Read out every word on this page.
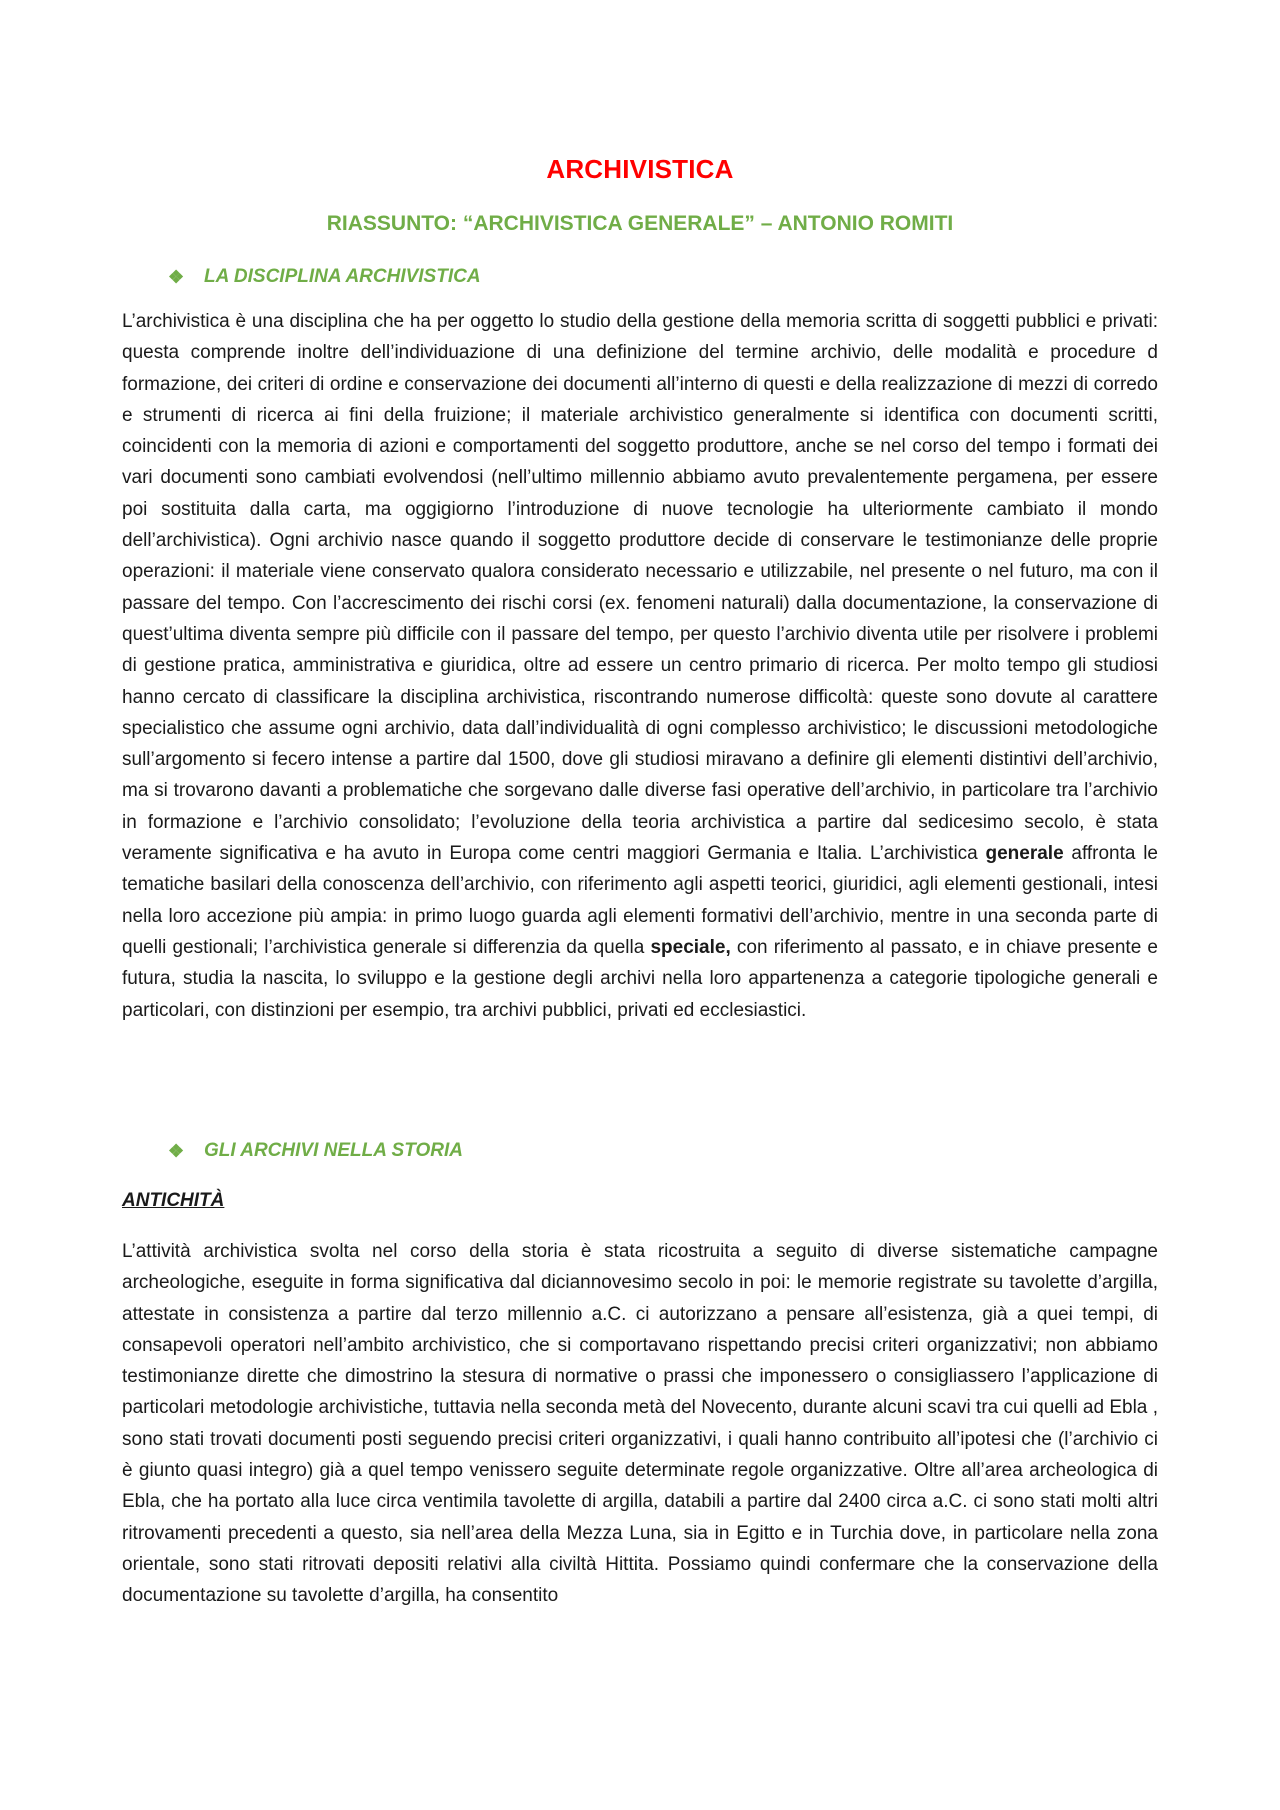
ARCHIVISTICA
RIASSUNTO: “ARCHIVISTICA GENERALE” – ANTONIO ROMITI
❖	LA DISCIPLINA ARCHIVISTICA

L’archivistica è una disciplina che ha per oggetto lo studio della gestione della memoria scritta di soggetti pubblici e privati: questa comprende inoltre dell’individuazione di una definizione del termine archivio, delle modalità e procedure d formazione, dei criteri di ordine e conservazione dei documenti all’interno di questi e della realizzazione di mezzi di corredo e strumenti di ricerca ai fini della fruizione; il materiale archivistico generalmente si identifica con documenti scritti, coincidenti con la memoria di azioni e comportamenti del soggetto produttore, anche se nel corso del tempo i formati dei vari documenti sono cambiati evolvendosi (nell’ultimo millennio abbiamo avuto prevalentemente pergamena, per essere poi sostituita dalla carta, ma oggigiorno l’introduzione di nuove tecnologie ha ulteriormente cambiato il mondo dell’archivistica). Ogni archivio nasce quando il soggetto produttore decide di conservare le testimonianze delle proprie operazioni: il materiale viene conservato qualora considerato necessario e utilizzabile, nel presente o nel futuro, ma con il passare del tempo. Con l’accrescimento dei rischi corsi (ex. fenomeni naturali) dalla documentazione, la conservazione di quest’ultima diventa sempre più difficile con il passare del tempo, per questo l’archivio diventa utile per risolvere i problemi di gestione pratica, amministrativa e giuridica, oltre ad essere un centro primario di ricerca. Per molto tempo gli studiosi hanno cercato di classificare la disciplina archivistica, riscontrando numerose difficoltà: queste sono dovute al carattere specialistico che assume ogni archivio, data dall’individualità di ogni complesso archivistico; le discussioni metodologiche sull’argomento si fecero intense a partire dal 1500, dove gli studiosi miravano a definire gli elementi distintivi dell’archivio, ma si trovarono davanti a problematiche che sorgevano dalle diverse fasi operative dell’archivio, in particolare tra l’archivio in formazione e l’archivio consolidato; l’evoluzione della teoria archivistica a partire dal sedicesimo secolo, è stata veramente significativa e ha avuto in Europa come centri maggiori Germania e Italia. L’archivistica generale affronta le tematiche basilari della conoscenza dell’archivio, con riferimento agli aspetti teorici, giuridici, agli elementi gestionali, intesi nella loro accezione più ampia: in primo luogo guarda agli elementi formativi dell’archivio, mentre in una seconda parte di quelli gestionali; l’archivistica generale si differenzia da quella speciale, con riferimento al passato, e in chiave presente e futura, studia la nascita, lo sviluppo e la gestione degli archivi nella loro appartenenza a categorie tipologiche generali e particolari, con distinzioni per esempio, tra archivi pubblici, privati ed ecclesiastici.

❖	GLI ARCHIVI NELLA STORIA
ANTICHITÀ

L’attività archivistica svolta nel corso della storia è stata ricostruita a seguito di diverse sistematiche campagne archeologiche, eseguite in forma significativa dal diciannovesimo secolo in poi: le memorie registrate su tavolette d’argilla, attestate in consistenza a partire dal terzo millennio a.C. ci autorizzano a pensare all’esistenza, già a quei tempi, di consapevoli operatori nell’ambito archivistico, che si comportavano rispettando precisi criteri organizzativi; non abbiamo testimonianze dirette che dimostrino la stesura di normative o prassi che imponessero o consigliassero l’applicazione di particolari metodologie archivistiche, tuttavia nella seconda metà del Novecento, durante alcuni scavi tra cui quelli ad Ebla , sono stati trovati documenti posti seguendo precisi criteri organizzativi, i quali hanno contribuito all’ipotesi che (l’archivio ci è giunto quasi integro) già a quel tempo venissero seguite determinate regole organizzative. Oltre all’area archeologica di Ebla, che ha portato alla luce circa ventimila tavolette di argilla, databili a partire dal 2400 circa a.C. ci sono stati molti altri ritrovamenti precedenti a questo, sia nell’area della Mezza Luna, sia in Egitto e in Turchia dove, in particolare nella zona orientale, sono stati ritrovati depositi relativi alla civiltà Hittita. Possiamo quindi confermare che la conservazione della documentazione su tavolette d’argilla, ha consentito
